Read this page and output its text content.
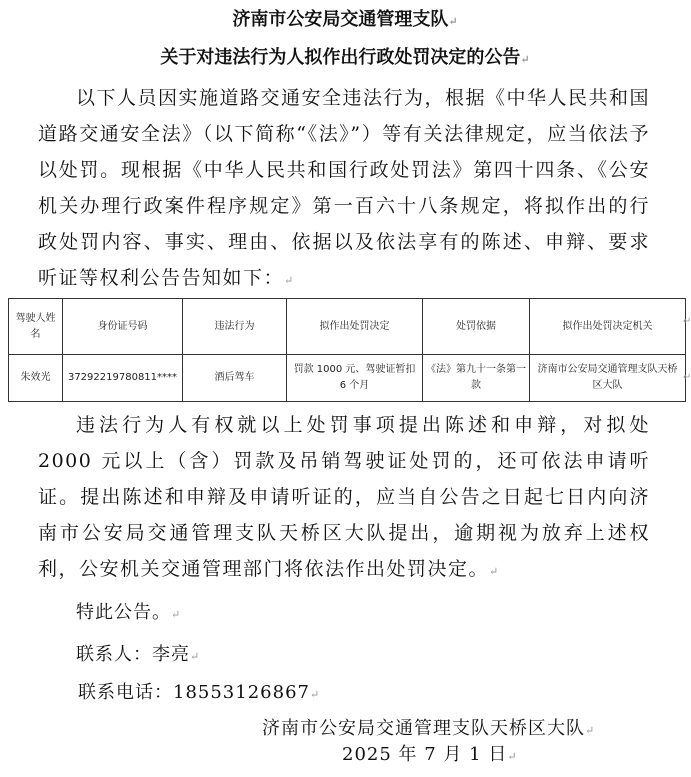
济南市公安局交通管理支队↵
关于对违法行为人拟作出行政处罚决定的公告↵

以下人员因实施道路交通安全违法行为，根据《中华人民共和国道路交通安全法》（以下简称“《法》”）等有关法律规定，应当依法予以处罚。现根据《中华人民共和国行政处罚法》第四十四条、《公安机关办理行政案件程序规定》第一百六十八条规定，将拟作出的行政处罚内容、事实、理由、依据以及依法享有的陈述、申辩、要求听证等权利公告告知如下：↵

驾驶人姓名	身份证号码	违法行为	拟作出处罚决定	处罚依据	拟作出处罚决定机关
朱效光	37292219780811****	酒后驾车	罚款 1000 元、驾驶证暂扣 6 个月	《法》第九十一条第一款	济南市公安局交通管理支队天桥区大队
↵
↵

违法行为人有权就以上处罚事项提出陈述和申辩，对拟处 2000 元以上（含）罚款及吊销驾驶证处罚的，还可依法申请听证。提出陈述和申辩及申请听证的，应当自公告之日起七日内向济南市公安局交通管理支队天桥区大队提出，逾期视为放弃上述权利，公安机关交通管理部门将依法作出处罚决定。↵

特此公告。↵
联系人：李亮↵
联系电话：18553126867↵
济南市公安局交通管理支队天桥区大队↵
2025 年 7 月 1 日↵
